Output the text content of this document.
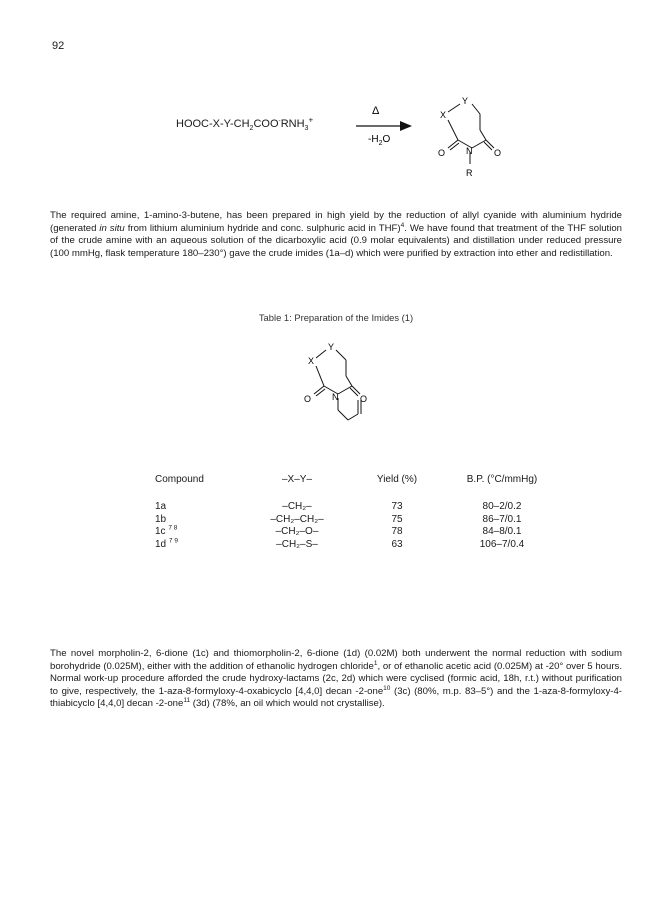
92
HOOC-$X-Y-CH_2COO^-RNH_3^+$
Δ
$-H_2O$
X
Y
O N O
R
The required amine, 1-amino-3-butene, has been prepared in high yield by the reduction of allyl cyanide with aluminium hydride (generated in situ from lithium aluminium hydride and conc. sulphuric acid in THF)$^4$. We have found that treatment of the THF solution of the crude amine with an aqueous solution of the dicarboxylic acid (0.9 molar equivalents) and distillation under reduced pressure (100 mmHg, flask temperature 180–230°) gave the crude imides (1a–d) which were purified by extraction into ether and redistillation.
Table 1: Preparation of the Imides (1)
X
Y
O N O
Compound	–X–Y–	Yield (%)	B.P. (°C/mmHg)
1a	–CH₂–	73	80–2/0.2
1b	–CH₂–CH₂–	75	86–7/0.1
1c $^{7 8}$	–CH₂–O–	78	84–8/0.1
1d $^{7 9}$	–CH₂–S–	63	106–7/0.4
The novel morpholin-2, 6-dione (1c) and thiomorpholin-2, 6-dione (1d) (0.02M) both underwent the normal reduction with sodium borohydride (0.025M), either with the addition of ethanolic hydrogen chloride$^1$, or of ethanolic acetic acid (0.025M) at -20° over 5 hours. Normal work-up procedure afforded the crude hydroxy-lactams (2c, 2d) which were cyclised (formic acid, 18h, r.t.) without purification to give, respectively, the 1-aza-8-formyloxy-4-oxabicyclo [4,4,0] decan -2-one$^{10}$ (3c) (80%, m.p. 83–5°) and the 1-aza-8-formyloxy-4-thiabicyclo [4,4,0] decan -2-one$^{11}$ (3d) (78%, an oil which would not crystallise).
